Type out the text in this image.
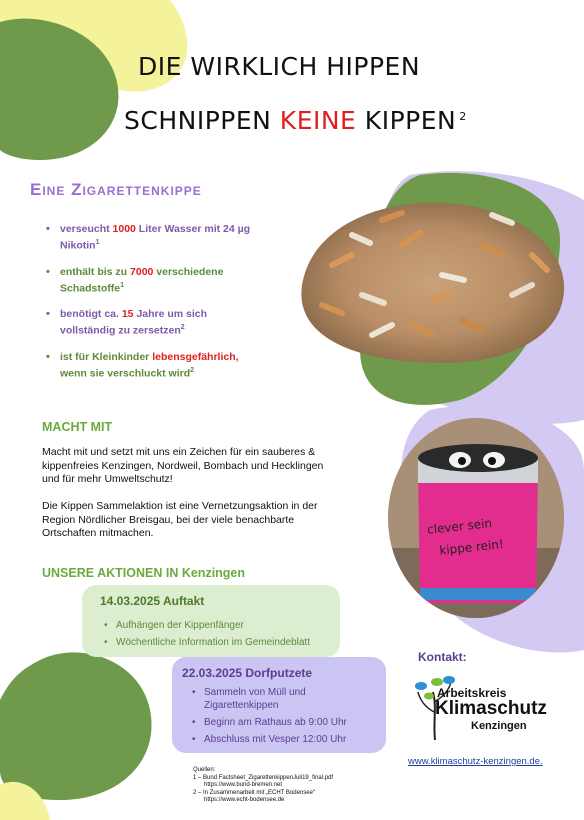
DIE WIRKLICH HIPPEN
SCHNIPPEN KEINE KIPPEN $^2$
Eine Zigarettenkippe
• verseucht 1000 Liter Wasser mit 24 µg
Nikotin$^1$
• enthält bis zu 7000 verschiedene
Schadstoffe$^1$
• benötigt ca. 15 Jahre um sich
vollständig zu zersetzen$^2$
• ist für Kleinkinder lebensgefährlich,
wenn sie verschluckt wird$^2$
MACHT MIT
Macht mit und setzt mit uns ein Zeichen für ein sauberes & kippenfreies Kenzingen, Nordweil, Bombach und Hecklingen und für mehr Umweltschutz!
Die Kippen Sammelaktion ist eine Vernetzungsaktion in der Region Nördlicher Breisgau, bei der viele benachbarte Ortschaften mitmachen.	clever sein
kippe rein!
UNSERE AKTIONEN IN Kenzingen
14.03.2025 Auftakt
• Aufhängen der Kippenfänger
• Wöchentliche Information im Gemeindeblatt
22.03.2025 Dorfputzete
• Sammeln von Müll und Zigarettenkippen
• Beginn am Rathaus ab 9:00 Uhr
• Abschluss mit Vesper 12:00 Uhr
Kontakt:
Arbeitskreis
Klimaschutz
Kenzingen
www.klimaschutz-kenzingen.de.
Quellen:
1 – Bund Factsheet_ZigarettenkippenJuli19_final.pdf
https://www.bund-bremen.net
2 – In Zusammenarbeit mit „ECHT Bodensee“
https://www.echt-bodensee.de
